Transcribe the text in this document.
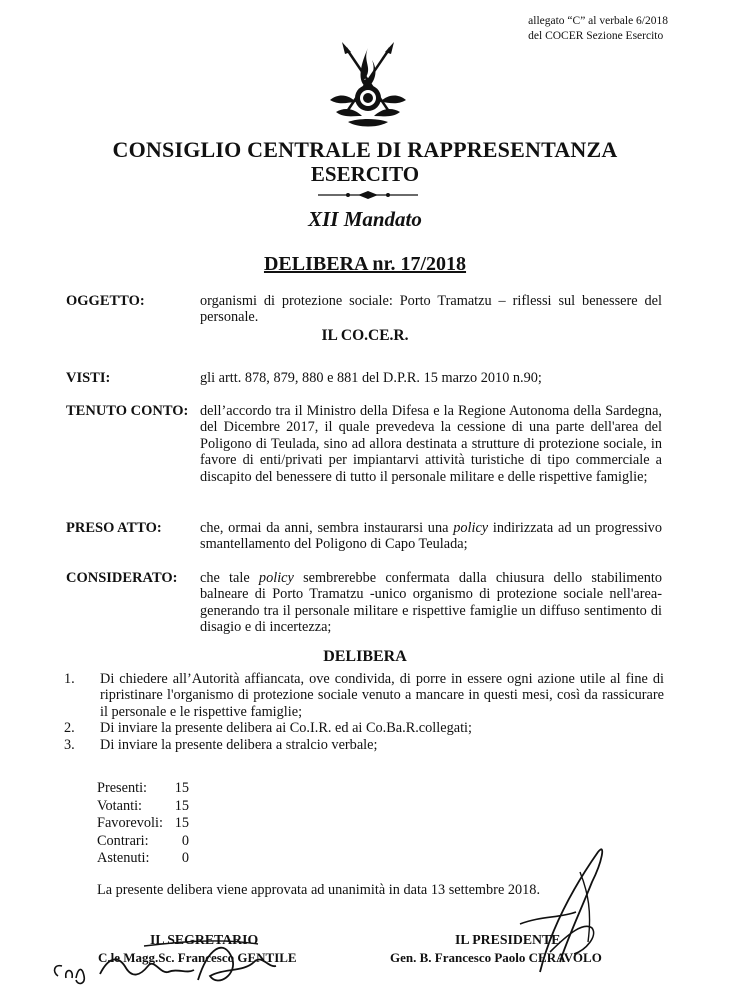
allegato “C” al verbale 6/2018
del COCER Sezione Esercito
CONSIGLIO CENTRALE DI RAPPRESENTANZA
ESERCITO
XII Mandato
DELIBERA nr. 17/2018
OGGETTO:	organismi di protezione sociale: Porto Tramatzu – riflessi sul benessere del personale.
IL CO.CE.R.
VISTI:	gli artt. 878, 879, 880 e 881 del D.P.R. 15 marzo 2010 n.90;
TENUTO CONTO: dell’accordo tra il Ministro della Difesa e la Regione Autonoma della Sardegna, del Dicembre 2017, il quale prevedeva la cessione di una parte dell'area del Poligono di Teulada, sino ad allora destinata a strutture di protezione sociale, in favore di enti/privati per impiantarvi attività turistiche di tipo commerciale a discapito del benessere di tutto il personale militare e delle rispettive famiglie;
PRESO ATTO:	che, ormai da anni, sembra instaurarsi una policy indirizzata ad un progressivo smantellamento del Poligono di Capo Teulada;
CONSIDERATO: che tale policy sembrerebbe confermata dalla chiusura dello stabilimento balneare di Porto Tramatzu -unico organismo di protezione sociale nell'area- generando tra il personale militare e rispettive famiglie un diffuso sentimento di disagio e di incertezza;
DELIBERA
1. Di chiedere all’Autorità affiancata, ove condivida, di porre in essere ogni azione utile al fine di ripristinare l'organismo di protezione sociale venuto a mancare in questi mesi, così da rassicurare il personale e le rispettive famiglie;
2. Di inviare la presente delibera ai Co.I.R. ed ai Co.Ba.R.collegati;
3. Di inviare la presente delibera a stralcio verbale;
Presenti:	15
Votanti:	15
Favorevoli: 15
Contrari:	0
Astenuti:	0
La presente delibera viene approvata ad unanimità in data 13 settembre 2018.
IL SEGRETARIO
C.le Magg.Sc. Francesco GENTILE
IL PRESIDENTE
Gen. B. Francesco Paolo CERAVOLO
